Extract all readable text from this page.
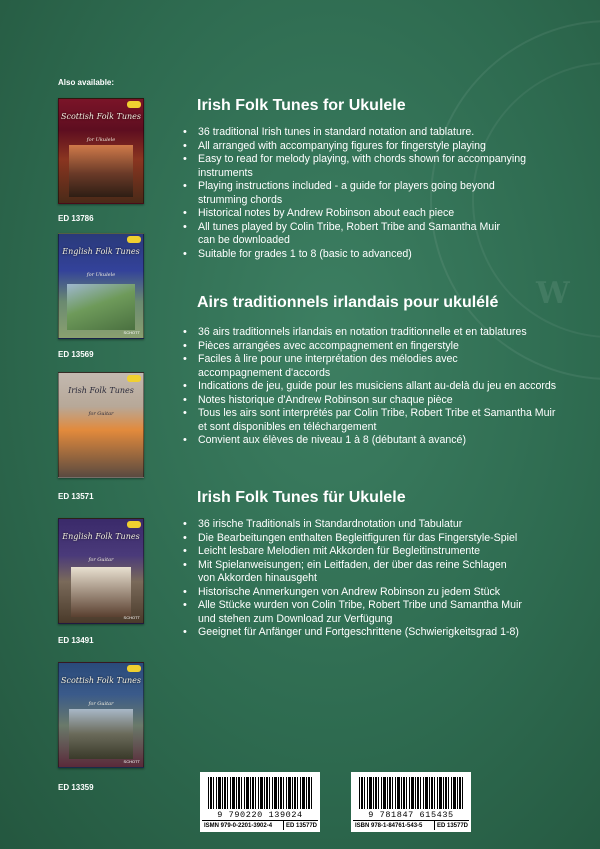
W
Also available:
Scottish Folk Tunes
for Ukulele
ED 13786
English Folk Tunes
for Ukulele
SCHOTT
ED 13569
Irish Folk Tunes
for Guitar
ED 13571
English Folk Tunes
for Guitar
SCHOTT
ED 13491
Scottish Folk Tunes
for Guitar
SCHOTT
ED 13359
Irish Folk Tunes for Ukulele
• 36 traditional Irish tunes in standard notation and tablature.
• All arranged with accompanying figures for fingerstyle playing
• Easy to read for melody playing, with chords shown for accompanying
instruments
• Playing instructions included - a guide for players going beyond
strumming chords
• Historical notes by Andrew Robinson about each piece
• All tunes played by Colin Tribe, Robert Tribe and Samantha Muir
can be downloaded
• Suitable for grades 1 to 8 (basic to advanced)
Airs traditionnels irlandais pour ukulélé
• 36 airs traditionnels irlandais en notation traditionnelle et en tablatures
• Pièces arrangées avec accompagnement en fingerstyle
• Faciles à lire pour une interprétation des mélodies avec
accompagnement d'accords
• Indications de jeu, guide pour les musiciens allant au-delà du jeu en accords
• Notes historique d'Andrew Robinson sur chaque pièce
• Tous les airs sont interprétés par Colin Tribe, Robert Tribe et Samantha Muir
et sont disponibles en téléchargement
• Convient aux élèves de niveau 1 à 8 (débutant à avancé)
Irish Folk Tunes für Ukulele
• 36 irische Traditionals in Standardnotation und Tabulatur
• Die Bearbeitungen enthalten Begleitfiguren für das Fingerstyle-Spiel
• Leicht lesbare Melodien mit Akkorden für Begleitinstrumente
• Mit Spielanweisungen; ein Leitfaden, der über das reine Schlagen
von Akkorden hinausgeht
• Historische Anmerkungen von Andrew Robinson zu jedem Stück
• Alle Stücke wurden von Colin Tribe, Robert Tribe und Samantha Muir
und stehen zum Download zur Verfügung
• Geeignet für Anfänger und Fortgeschrittene (Schwierigkeitsgrad 1-8)
9 790220 139024
ISMN 979-0-2201-3902-4	ED 13577D
9 781847 615435
ISBN 978-1-84761-543-5	ED 13577D
